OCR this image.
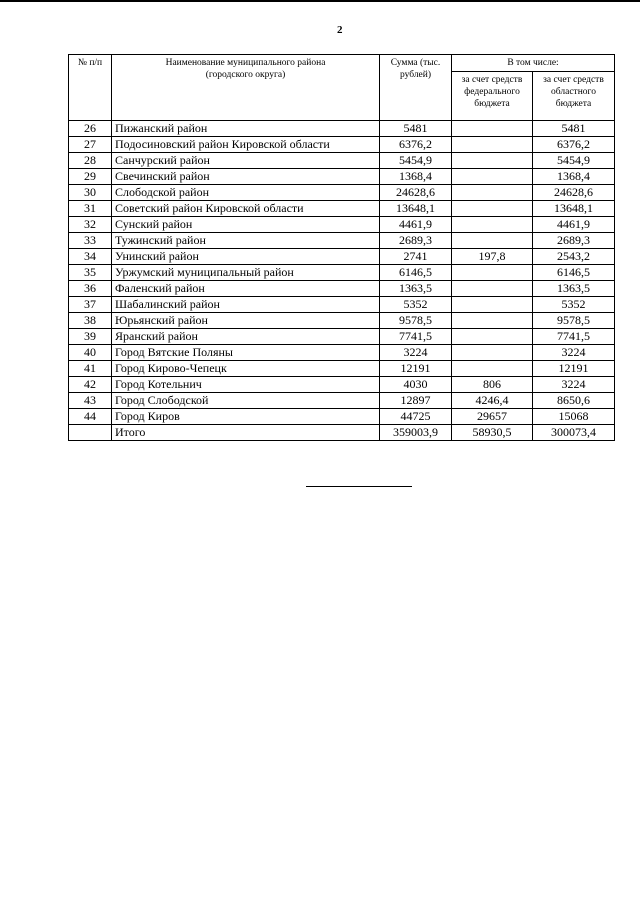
2
№ п/п	Наименование муниципального района (городского округа)	Сумма (тыс. рублей)	В том числе:	
			за счет средств федерального бюджета	за счет средств областного бюджета
26	Пижанский район	5481		5481
27	Подосиновский район Кировской области	6376,2		6376,2
28	Санчурский район	5454,9		5454,9
29	Свечинский район	1368,4		1368,4
30	Слободской район	24628,6		24628,6
31	Советский район Кировской области	13648,1		13648,1
32	Сунский район	4461,9		4461,9
33	Тужинский район	2689,3		2689,3
34	Унинский район	2741	197,8	2543,2
35	Уржумский муниципальный район	6146,5		6146,5
36	Фаленский район	1363,5		1363,5
37	Шабалинский район	5352		5352
38	Юрьянский район	9578,5		9578,5
39	Яранский район	7741,5		7741,5
40	Город Вятские Поляны	3224		3224
41	Город Кирово-Чепецк	12191		12191
42	Город Котельнич	4030	806	3224
43	Город Слободской	12897	4246,4	8650,6
44	Город Киров	44725	29657	15068
	Итого	359003,9	58930,5	300073,4
